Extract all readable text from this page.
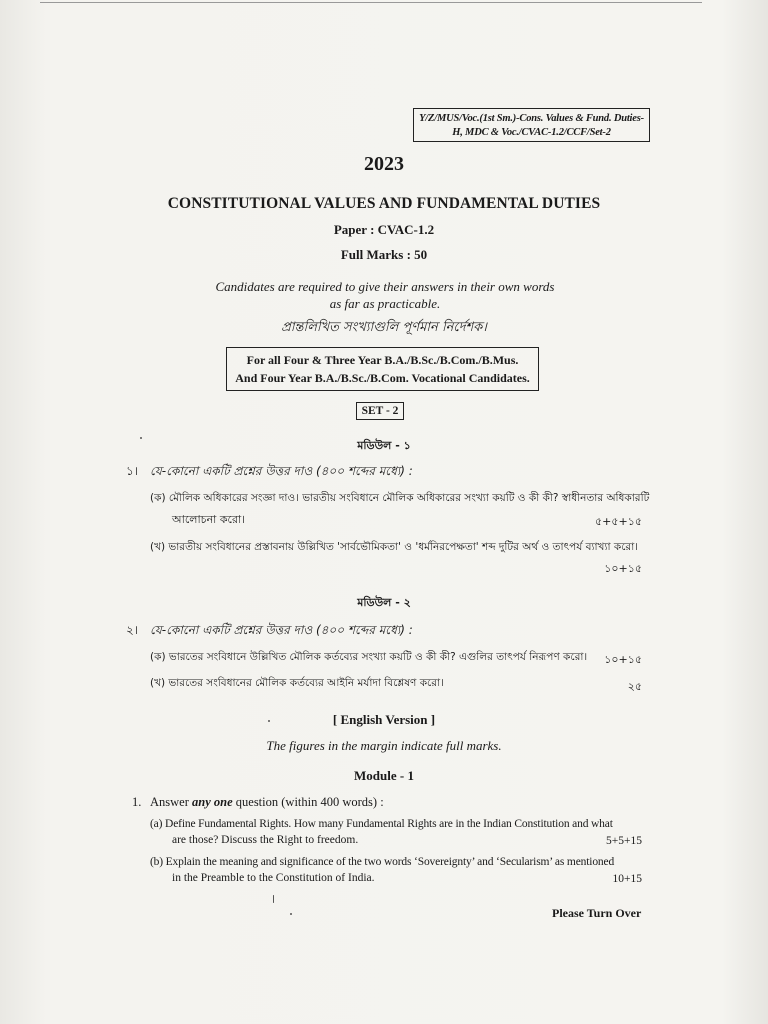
Y/Z/MUS/Voc.(1st Sm.)-Cons. Values & Fund. Duties-
H, MDC & Voc./CVAC-1.2/CCF/Set-2
2023
CONSTITUTIONAL VALUES AND FUNDAMENTAL DUTIES
Paper : CVAC-1.2
Full Marks : 50
Candidates are required to give their answers in their own words
as far as practicable.
প্রান্তলিখিত সংখ্যাগুলি পূর্ণমান নির্দেশক।
For all Four & Three Year B.A./B.Sc./B.Com./B.Mus.
And Four Year B.A./B.Sc./B.Com. Vocational Candidates.
SET - 2
মডিউল - ১
১। যে-কোনো একটি প্রশ্নের উত্তর দাও (৪০০ শব্দের মধ্যে) :
(ক) মৌলিক অধিকারের সংজ্ঞা দাও। ভারতীয় সংবিধানে মৌলিক অধিকারের সংখ্যা কয়টি ও কী কী? স্বাধীনতার অধিকারটি
আলোচনা করো।	৫+৫+১৫
(খ) ভারতীয় সংবিধানের প্রস্তাবনায় উল্লিখিত 'সার্বভৌমিকতা' ও 'ধর্মনিরপেক্ষতা' শব্দ দুটির অর্থ ও তাৎপর্য ব্যাখ্যা করো।
১০+১৫
মডিউল - ২
২। যে-কোনো একটি প্রশ্নের উত্তর দাও (৪০০ শব্দের মধ্যে) :
(ক) ভারতের সংবিধানে উল্লিখিত মৌলিক কর্তব্যের সংখ্যা কয়টি ও কী কী? এগুলির তাৎপর্য নিরূপণ করো। ১০+১৫
(খ) ভারতের সংবিধানের মৌলিক কর্তব্যের আইনি মর্যাদা বিশ্লেষণ করো।	২৫
[ English Version ]
The figures in the margin indicate full marks.
Module - 1
1. Answer any one question (within 400 words) :
(a) Define Fundamental Rights. How many Fundamental Rights are in the Indian Constitution and what
are those? Discuss the Right to freedom.	5+5+15
(b) Explain the meaning and significance of the two words ‘Sovereignty’ and ‘Secularism’ as mentioned
in the Preamble to the Constitution of India.	10+15
Please Turn Over
